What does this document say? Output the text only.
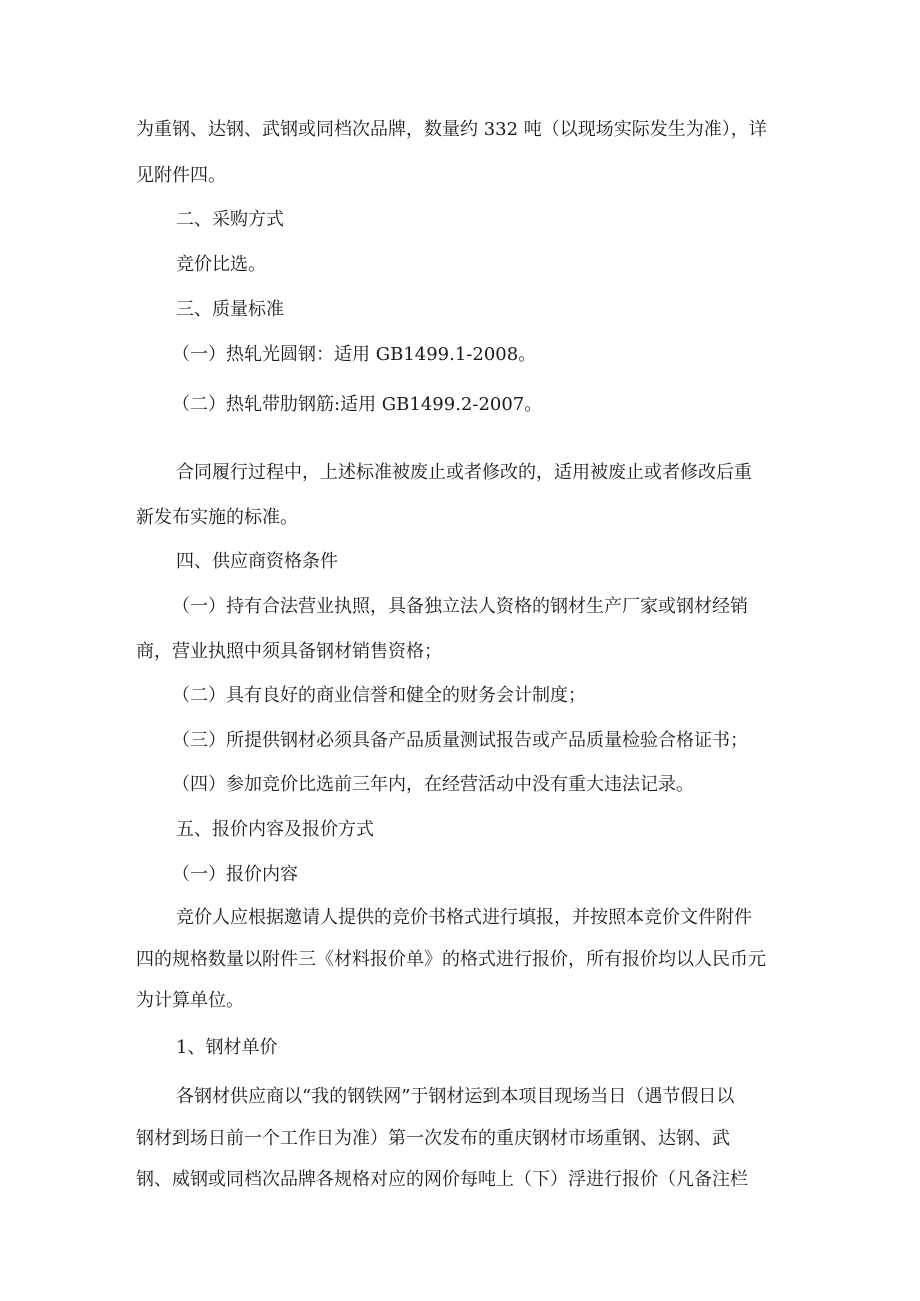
为重钢、达钢、武钢或同档次品牌，数量约 332 吨（以现场实际发生为准），详
见附件四。
二、采购方式
竞价比选。
三、质量标准
（一）热轧光圆钢：适用 GB1499.1-2008。
（二）热轧带肋钢筋:适用 GB1499.2-2007。
合同履行过程中，上述标准被废止或者修改的，适用被废止或者修改后重
新发布实施的标准。
四、供应商资格条件
（一）持有合法营业执照，具备独立法人资格的钢材生产厂家或钢材经销
商，营业执照中须具备钢材销售资格；
（二）具有良好的商业信誉和健全的财务会计制度；
（三）所提供钢材必须具备产品质量测试报告或产品质量检验合格证书；
（四）参加竞价比选前三年内，在经营活动中没有重大违法记录。
五、报价内容及报价方式
（一）报价内容
竞价人应根据邀请人提供的竞价书格式进行填报，并按照本竞价文件附件
四的规格数量以附件三《材料报价单》的格式进行报价，所有报价均以人民币元
为计算单位。
1、钢材单价
各钢材供应商以“我的钢铁网”于钢材运到本项目现场当日（遇节假日以
钢材到场日前一个工作日为准）第一次发布的重庆钢材市场重钢、达钢、武
钢、威钢或同档次品牌各规格对应的网价每吨上（下）浮进行报价（凡备注栏
